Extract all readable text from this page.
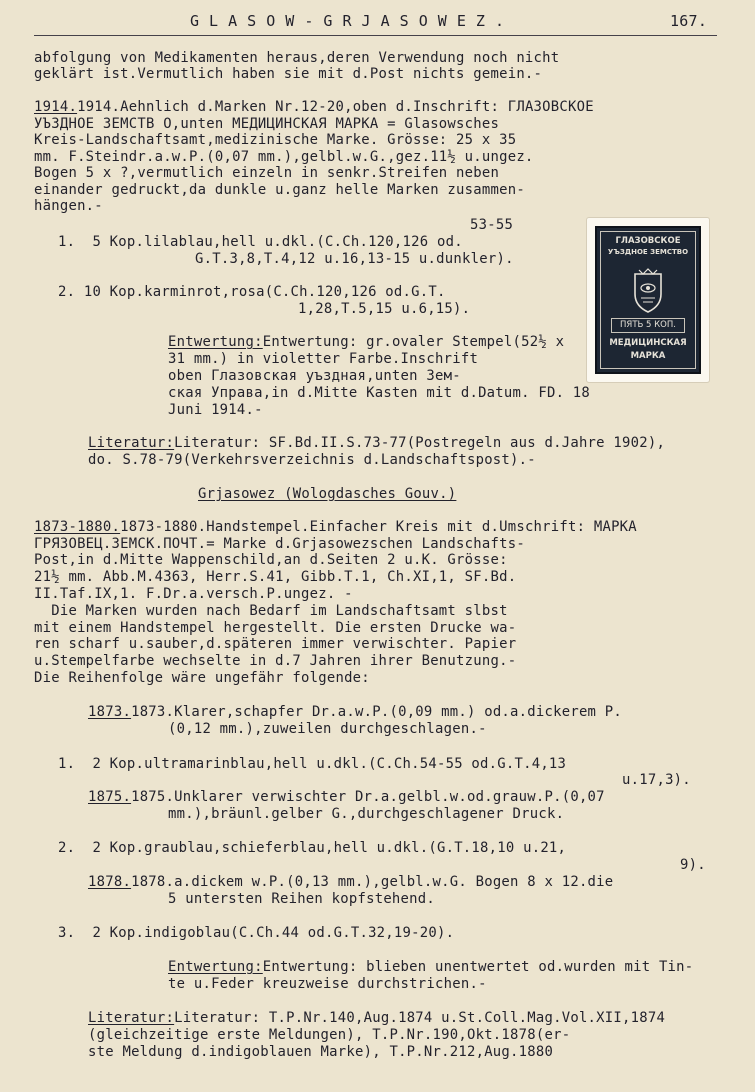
G L A S O W - G R J A S O W E Z .	167.
abfolgung von Medikamenten heraus,deren Verwendung noch nicht
geklärt ist.Vermutlich haben sie mit d.Post nichts gemein.-
1914.1914.Aehnlich d.Marken Nr.12-20,oben d.Inschrift: ГЛАЗОВСКОЕ
УЪЗДНОЕ ЗЕМСТВ О,unten МЕДИЦИНСКАЯ МАРКА = Glasowsches
Kreis-Landschaftsamt,medizinische Marke. Grösse: 25 x 35
mm. F.Steindr.a.w.P.(0,07 mm.),gelbl.w.G.,gez.11½ u.ungez.
Bogen 5 x ?,vermutlich einzeln in senkr.Streifen neben
einander gedruckt,da dunkle u.ganz helle Marken zusammen-
hängen.-
53-55
1.  5 Kop.lilablau,hell u.dkl.(C.Ch.120,126 od.
G.T.3,8,T.4,12 u.16,13-15 u.dunkler).
2. 10 Kop.karminrot,rosa(C.Ch.120,126 od.G.T.
1,28,T.5,15 u.6,15).
Entwertung:Entwertung: gr.ovaler Stempel(52½ x
31 mm.) in violetter Farbe.Inschrift
oben Глазовская уъздная,unten Зем-
ская Управа,in d.Mitte Kasten mit d.Datum. FD. 18
Juni 1914.-
Literatur:Literatur: SF.Bd.II.S.73-77(Postregeln aus d.Jahre 1902),
do. S.78-79(Verkehrsverzeichnis d.Landschaftspost).-
Grjasowez (Wologdasches Gouv.)
1873-1880.1873-1880.Handstempel.Einfacher Kreis mit d.Umschrift: МАРКА
ГРЯЗОВЕЦ.ЗЕМСК.ПОЧТ.= Marke d.Grjasowezschen Landschafts-
Post,in d.Mitte Wappenschild,an d.Seiten 2 u.K. Grösse:
21½ mm. Abb.M.4363, Herr.S.41, Gibb.T.1, Ch.XI,1, SF.Bd.
II.Taf.IX,1. F.Dr.a.versch.P.ungez. -
Die Marken wurden nach Bedarf im Landschaftsamt slbst
mit einem Handstempel hergestellt. Die ersten Drucke wa-
ren scharf u.sauber,d.späteren immer verwischter. Papier
u.Stempelfarbe wechselte in d.7 Jahren ihrer Benutzung.-
Die Reihenfolge wäre ungefähr folgende:
1873.1873.Klarer,schapfer Dr.a.w.P.(0,09 mm.) od.a.dickerem P.
(0,12 mm.),zuweilen durchgeschlagen.-
1.  2 Kop.ultramarinblau,hell u.dkl.(C.Ch.54-55 od.G.T.4,13
u.17,3).
1875.1875.Unklarer verwischter Dr.a.gelbl.w.od.grauw.P.(0,07
mm.),bräunl.gelber G.,durchgeschlagener Druck.
2.  2 Kop.graublau,schieferblau,hell u.dkl.(G.T.18,10 u.21,
9).
1878.1878.a.dickem w.P.(0,13 mm.),gelbl.w.G. Bogen 8 x 12.die
5 untersten Reihen kopfstehend.
3.  2 Kop.indigoblau(C.Ch.44 od.G.T.32,19-20).
Entwertung:Entwertung: blieben unentwertet od.wurden mit Tin-
te u.Feder kreuzweise durchstrichen.-
Literatur:Literatur: T.P.Nr.140,Aug.1874 u.St.Coll.Mag.Vol.XII,1874
(gleichzeitige erste Meldungen), T.P.Nr.190,Okt.1878(er-
ste Meldung d.indigoblauen Marke), T.P.Nr.212,Aug.1880
ГЛАЗОВСКОЕ
УЪЗДНОЕ ЗЕМСТВО
ПЯТЬ 5 КОП.
МЕДИЦИНСКАЯ
МАРКА
